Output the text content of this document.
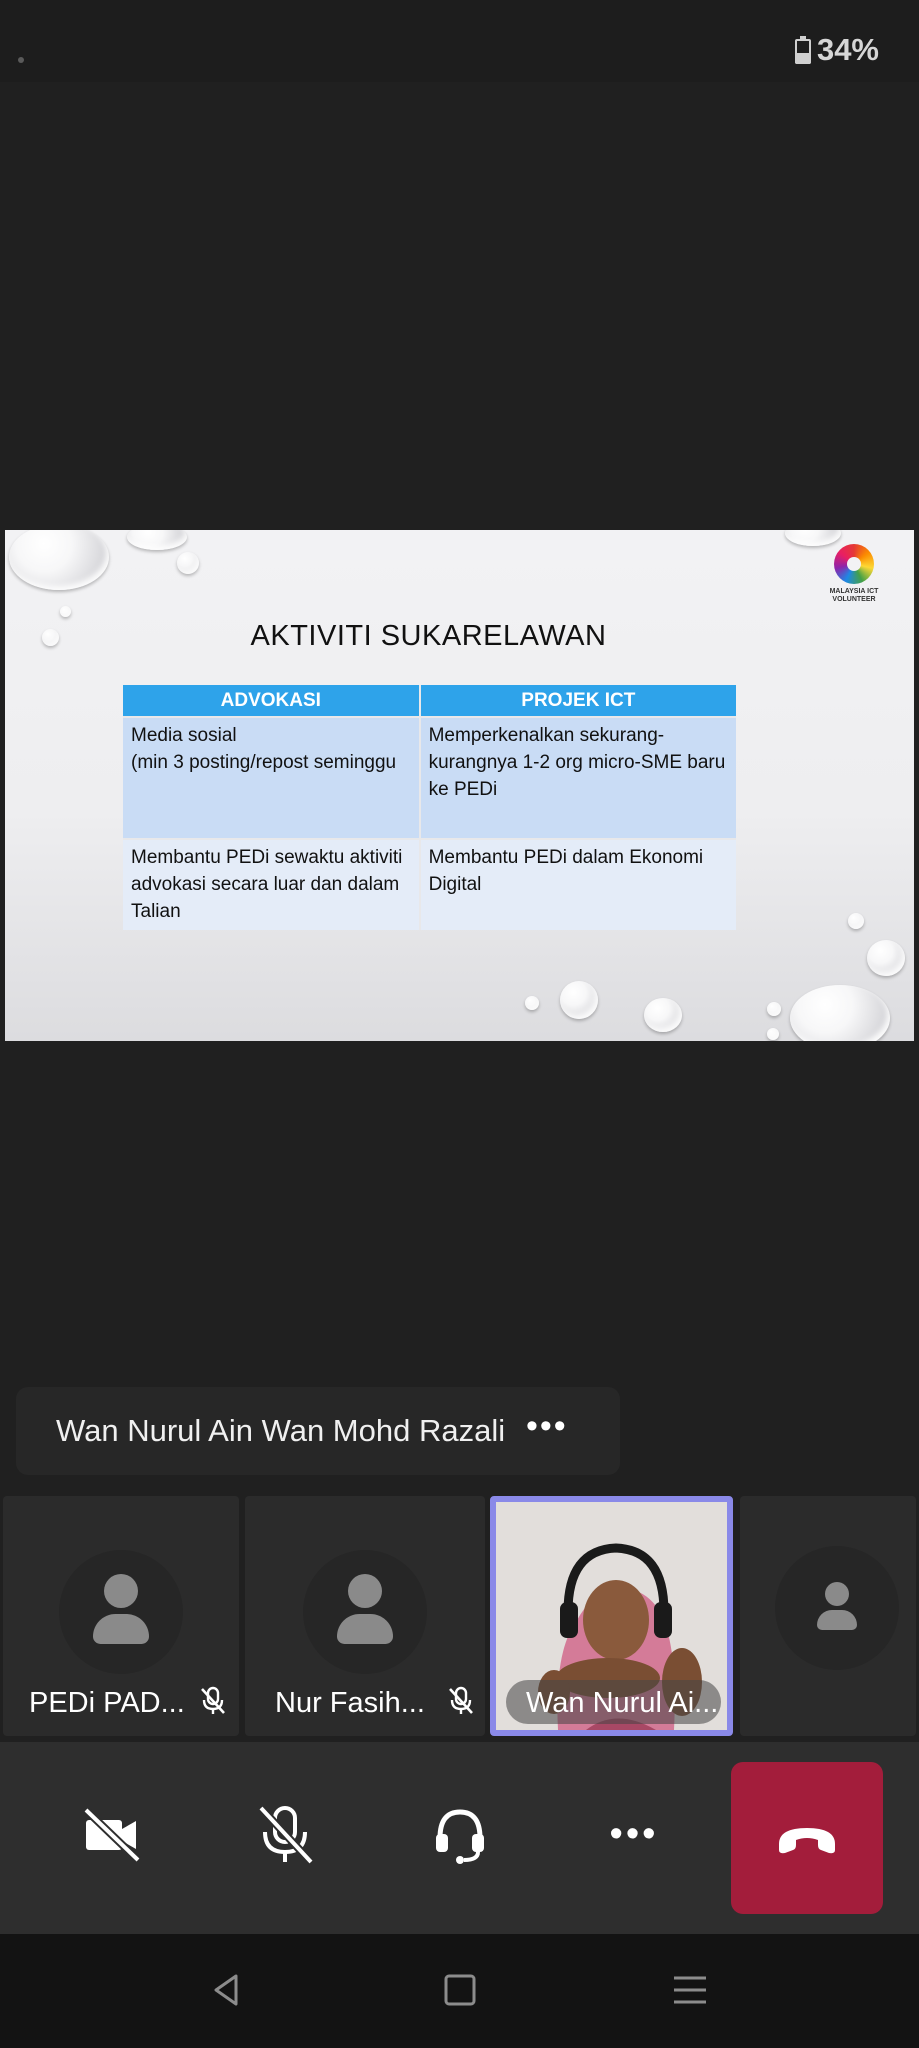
34%
MALAYSIA ICT VOLUNTEER
AKTIVITI SUKARELAWAN
ADVOKASI	PROJEK ICT
Media sosial
(min 3 posting/repost seminggu	Memperkenalkan sekurang-kurangnya 1-2 org micro-SME baru ke PEDi
Membantu PEDi sewaktu aktiviti advokasi secara luar dan dalam Talian	Membantu PEDi dalam Ekonomi Digital
Wan Nurul Ain Wan Mohd Razali •••
PEDi PAD...	Nur Fasih...	Wan Nurul Ai...
•••
